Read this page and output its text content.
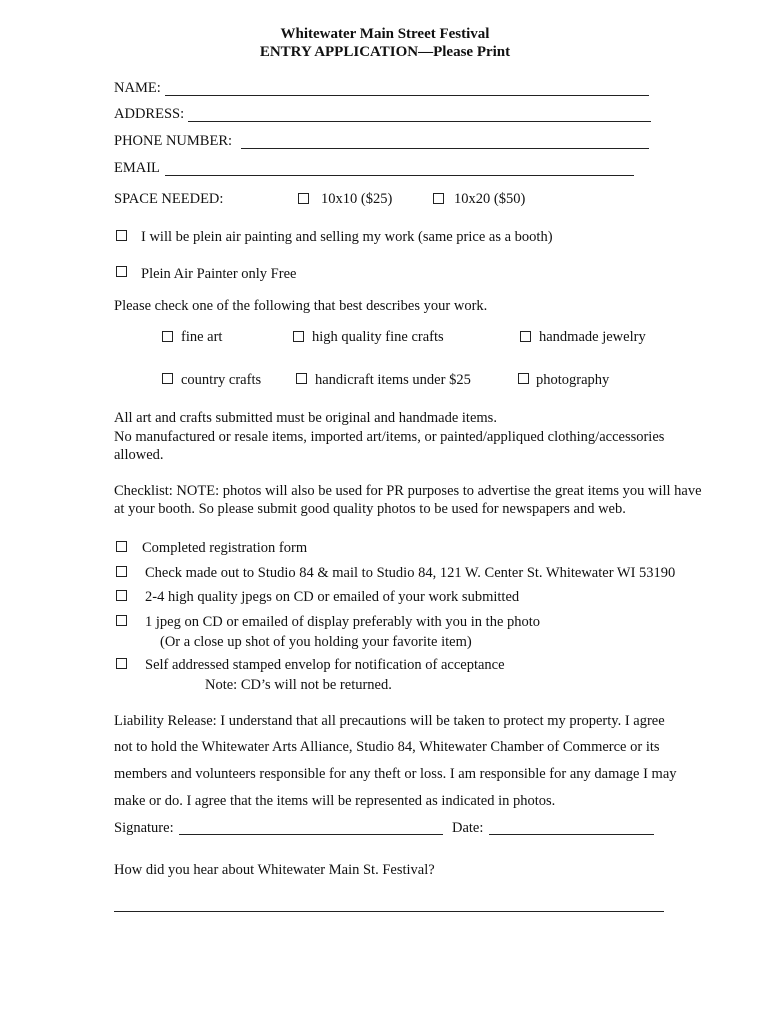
Whitewater Main Street Festival
ENTRY APPLICATION—Please Print
NAME:
ADDRESS:
PHONE NUMBER:
EMAIL
SPACE NEEDED:	10x10 ($25)	10x20 ($50)
I will be plein air painting and selling my work (same price as a booth)
Plein Air Painter only Free
Please check one of the following that best describes your work.
fine art	high quality fine crafts	handmade jewelry
country crafts	handicraft items under $25	photography
All art and crafts submitted must be original and handmade items.
No manufactured or resale items, imported art/items, or painted/appliqued clothing/accessories allowed.
Checklist: NOTE: photos will also be used for PR purposes to advertise the great items you will have at your booth. So please submit good quality photos to be used for newspapers and web.
Completed registration form
Check made out to Studio 84 & mail to Studio 84, 121 W. Center St. Whitewater WI 53190
2-4 high quality jpegs on CD or emailed of your work submitted
1 jpeg on CD or emailed of display preferably with you in the photo
(Or a close up shot of you holding your favorite item)
Self addressed stamped envelop for notification of acceptance
Note: CD’s will not be returned.
Liability Release: I understand that all precautions will be taken to protect my property. I agree
not to hold the Whitewater Arts Alliance, Studio 84, Whitewater Chamber of Commerce or its
members and volunteers responsible for any theft or loss. I am responsible for any damage I may
make or do. I agree that the items will be represented as indicated in photos.
Signature:	Date:
How did you hear about Whitewater Main St. Festival?
